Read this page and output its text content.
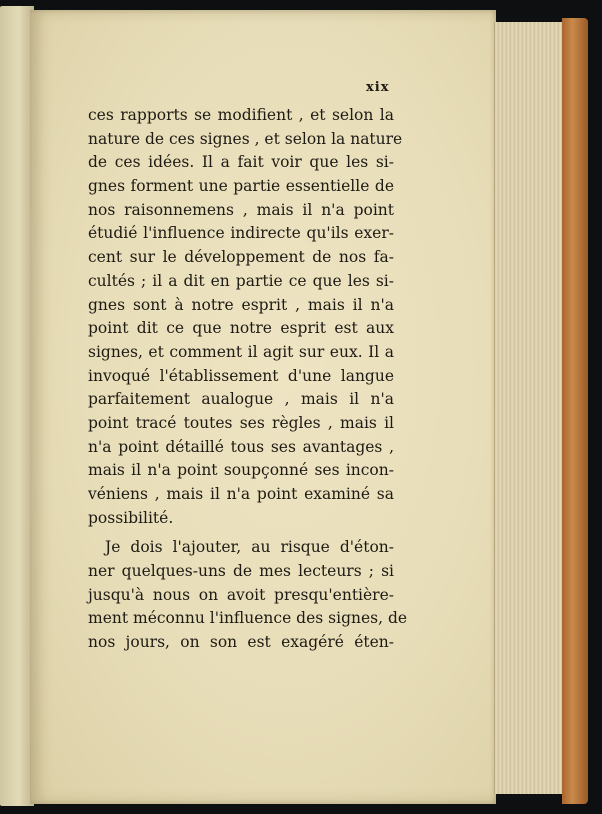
xix
ces rapports se modifient , et selon la
nature de ces signes , et selon la nature
de ces idées. Il a fait voir que les si-
gnes forment une partie essentielle de
nos raisonnemens , mais il n'a point
étudié l'influence indirecte qu'ils exer-
cent sur le développement de nos fa-
cultés ; il a dit en partie ce que les si-
gnes sont à notre esprit , mais il n'a
point dit ce que notre esprit est aux
signes, et comment il agit sur eux. Il a
invoqué l'établissement d'une langue
parfaitement aualogue , mais il n'a
point tracé toutes ses règles , mais il
n'a point détaillé tous ses avantages ,
mais il n'a point soupçonné ses incon-
véniens , mais il n'a point examiné sa
possibilité.
Je dois l'ajouter, au risque d'éton-
ner quelques-uns de mes lecteurs ; si
jusqu'à nous on avoit presqu'entière-
ment méconnu l'influence des signes, de
nos jours, on son est exagéré éten-
